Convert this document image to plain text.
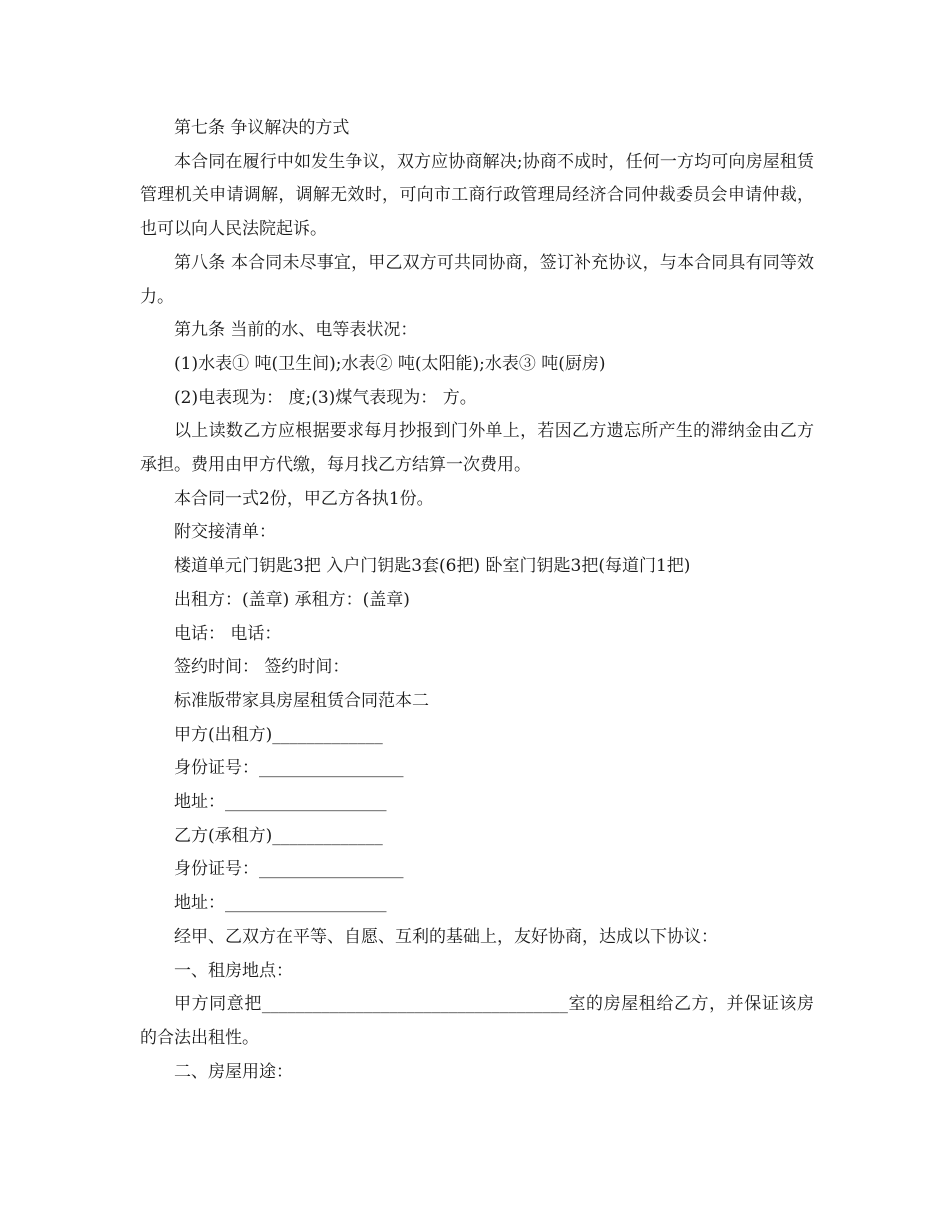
第七条 争议解决的方式

本合同在履行中如发生争议，双方应协商解决;协商不成时，任何一方均可向房屋租赁管理机关申请调解，调解无效时，可向市工商行政管理局经济合同仲裁委员会申请仲裁，也可以向人民法院起诉。

第八条 本合同未尽事宜，甲乙双方可共同协商，签订补充协议，与本合同具有同等效力。

第九条 当前的水、电等表状况：

(1)水表① 吨(卫生间);水表② 吨(太阳能);水表③ 吨(厨房)

(2)电表现为： 度;(3)煤气表现为： 方。

以上读数乙方应根据要求每月抄报到门外单上，若因乙方遗忘所产生的滞纳金由乙方承担。费用由甲方代缴，每月找乙方结算一次费用。

本合同一式2份，甲乙方各执1份。

附交接清单：

楼道单元门钥匙3把 入户门钥匙3套(6把) 卧室门钥匙3把(每道门1把)

出租方：(盖章) 承租方：(盖章)

电话： 电话：

签约时间： 签约时间：

标准版带家具房屋租赁合同范本二

甲方(出租方)_____________

身份证号：_________________

地址：___________________

乙方(承租方)_____________

身份证号：_________________

地址：___________________

经甲、乙双方在平等、自愿、互利的基础上，友好协商，达成以下协议：

一、租房地点：

甲方同意把____________________________________室的房屋租给乙方，并保证该房的合法出租性。

二、房屋用途：
